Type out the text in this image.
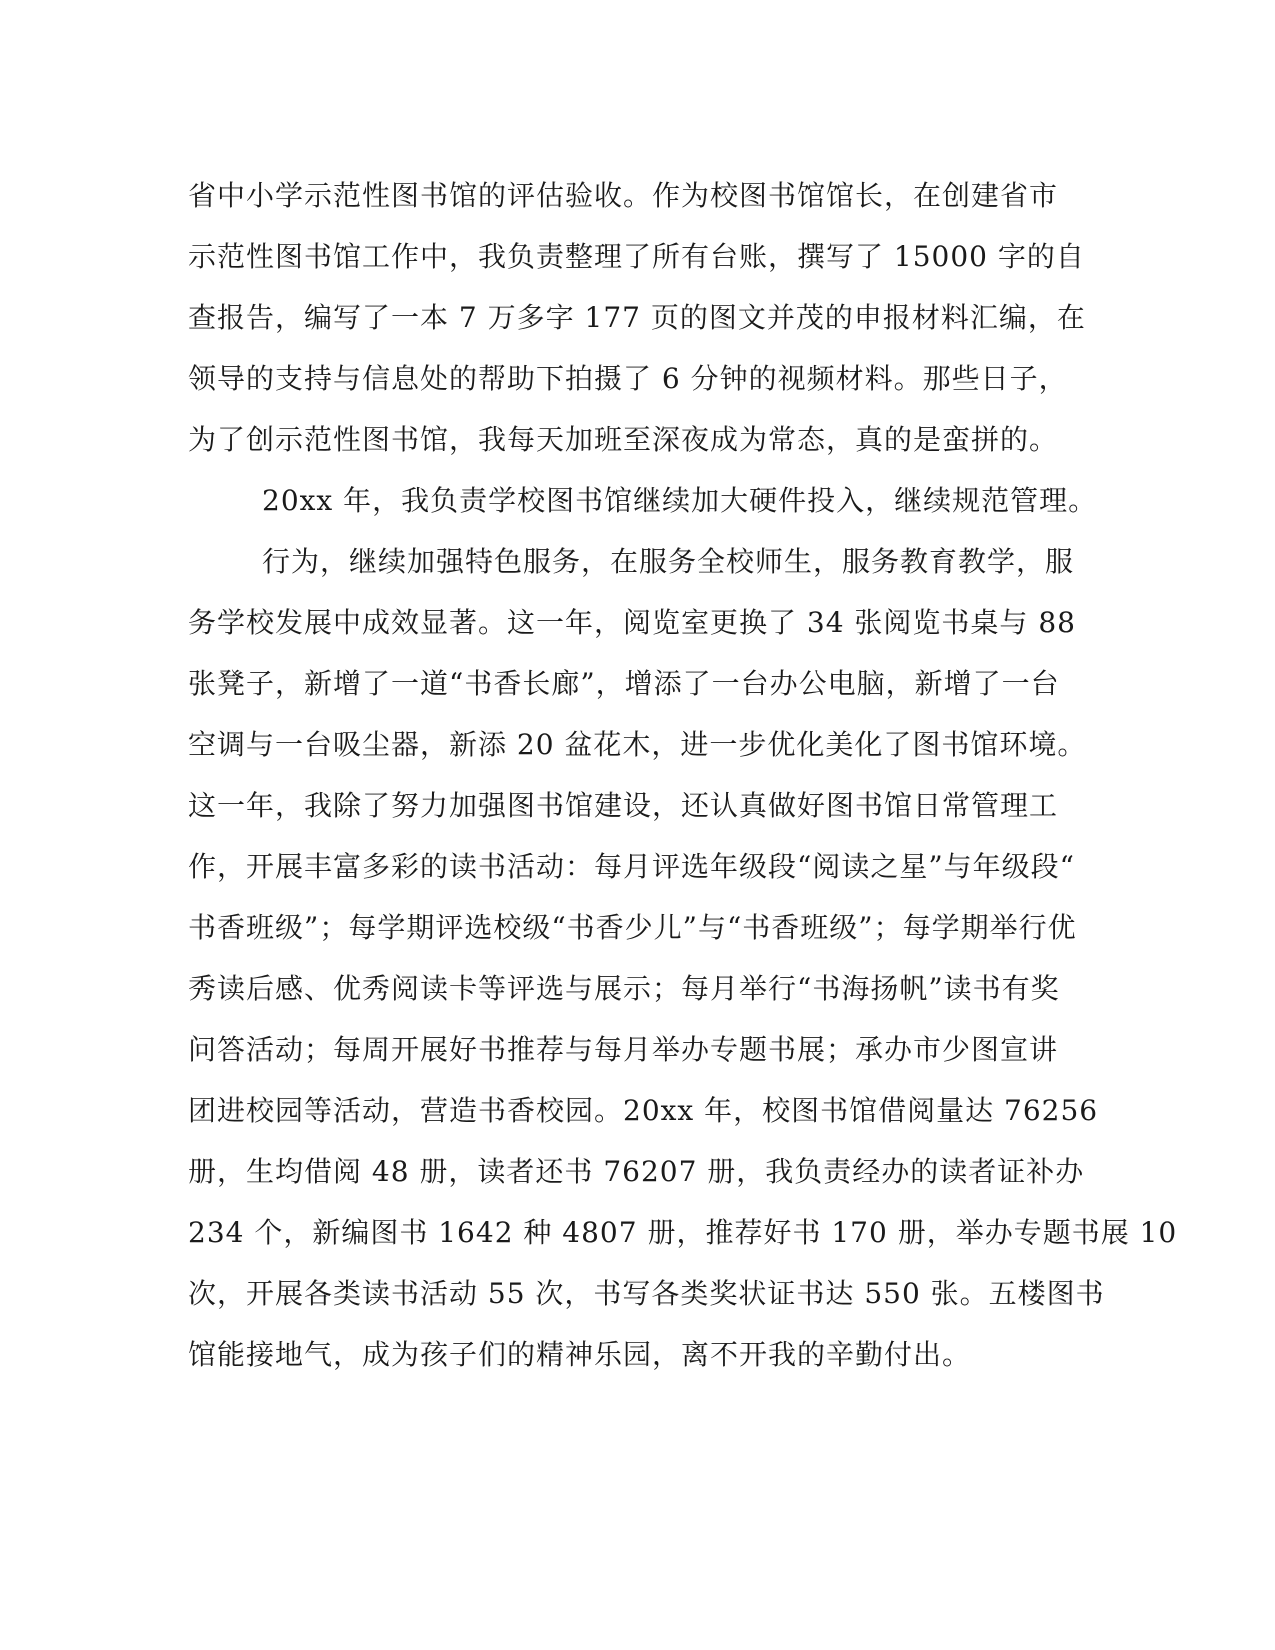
省中小学示范性图书馆的评估验收。作为校图书馆馆长，在创建省市
示范性图书馆工作中，我负责整理了所有台账，撰写了 15000 字的自
查报告，编写了一本 7 万多字 177 页的图文并茂的申报材料汇编，在
领导的支持与信息处的帮助下拍摄了 6 分钟的视频材料。那些日子，
为了创示范性图书馆，我每天加班至深夜成为常态，真的是蛮拼的。
20xx 年，我负责学校图书馆继续加大硬件投入，继续规范管理。
行为，继续加强特色服务，在服务全校师生，服务教育教学，服
务学校发展中成效显著。这一年，阅览室更换了 34 张阅览书桌与 88
张凳子，新增了一道“书香长廊”，增添了一台办公电脑，新增了一台
空调与一台吸尘器，新添 20 盆花木，进一步优化美化了图书馆环境。
这一年，我除了努力加强图书馆建设，还认真做好图书馆日常管理工
作，开展丰富多彩的读书活动：每月评选年级段“阅读之星”与年级段“
书香班级”；每学期评选校级“书香少儿”与“书香班级”；每学期举行优
秀读后感、优秀阅读卡等评选与展示；每月举行“书海扬帆”读书有奖
问答活动；每周开展好书推荐与每月举办专题书展；承办市少图宣讲
团进校园等活动，营造书香校园。20xx 年，校图书馆借阅量达 76256
册，生均借阅 48 册，读者还书 76207 册，我负责经办的读者证补办
234 个，新编图书 1642 种 4807 册，推荐好书 170 册，举办专题书展 10
次，开展各类读书活动 55 次，书写各类奖状证书达 550 张。五楼图书
馆能接地气，成为孩子们的精神乐园，离不开我的辛勤付出。
